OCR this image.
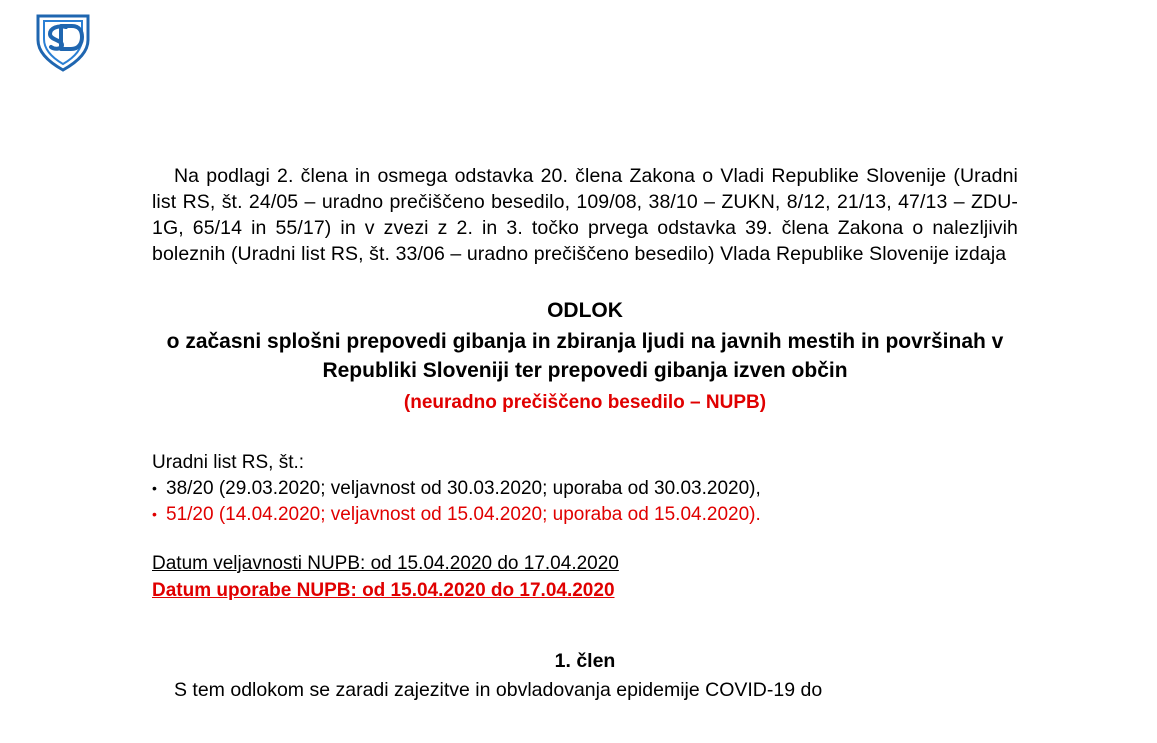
Na podlagi 2. člena in osmega odstavka 20. člena Zakona o Vladi Republike Slovenije (Uradni list RS, št. 24/05 – uradno prečiščeno besedilo, 109/08, 38/10 – ZUKN, 8/12, 21/13, 47/13 – ZDU-1G, 65/14 in 55/17) in v zvezi z 2. in 3. točko prvega odstavka 39. člena Zakona o nalezljivih boleznih (Uradni list RS, št. 33/06 – uradno prečiščeno besedilo) Vlada Republike Slovenije izdaja

ODLOK
o začasni splošni prepovedi gibanja in zbiranja ljudi na javnih mestih in površinah v Republiki Sloveniji ter prepovedi gibanja izven občin
(neuradno prečiščeno besedilo – NUPB)
Uradni list RS, št.:
• 38/20 (29.03.2020; veljavnost od 30.03.2020; uporaba od 30.03.2020),
• 51/20 (14.04.2020; veljavnost od 15.04.2020; uporaba od 15.04.2020).
Datum veljavnosti NUPB: od 15.04.2020 do 17.04.2020
Datum uporabe NUPB: od 15.04.2020 do 17.04.2020
1. člen
S tem odlokom se zaradi zajezitve in obvladovanja epidemije COVID-19 do
